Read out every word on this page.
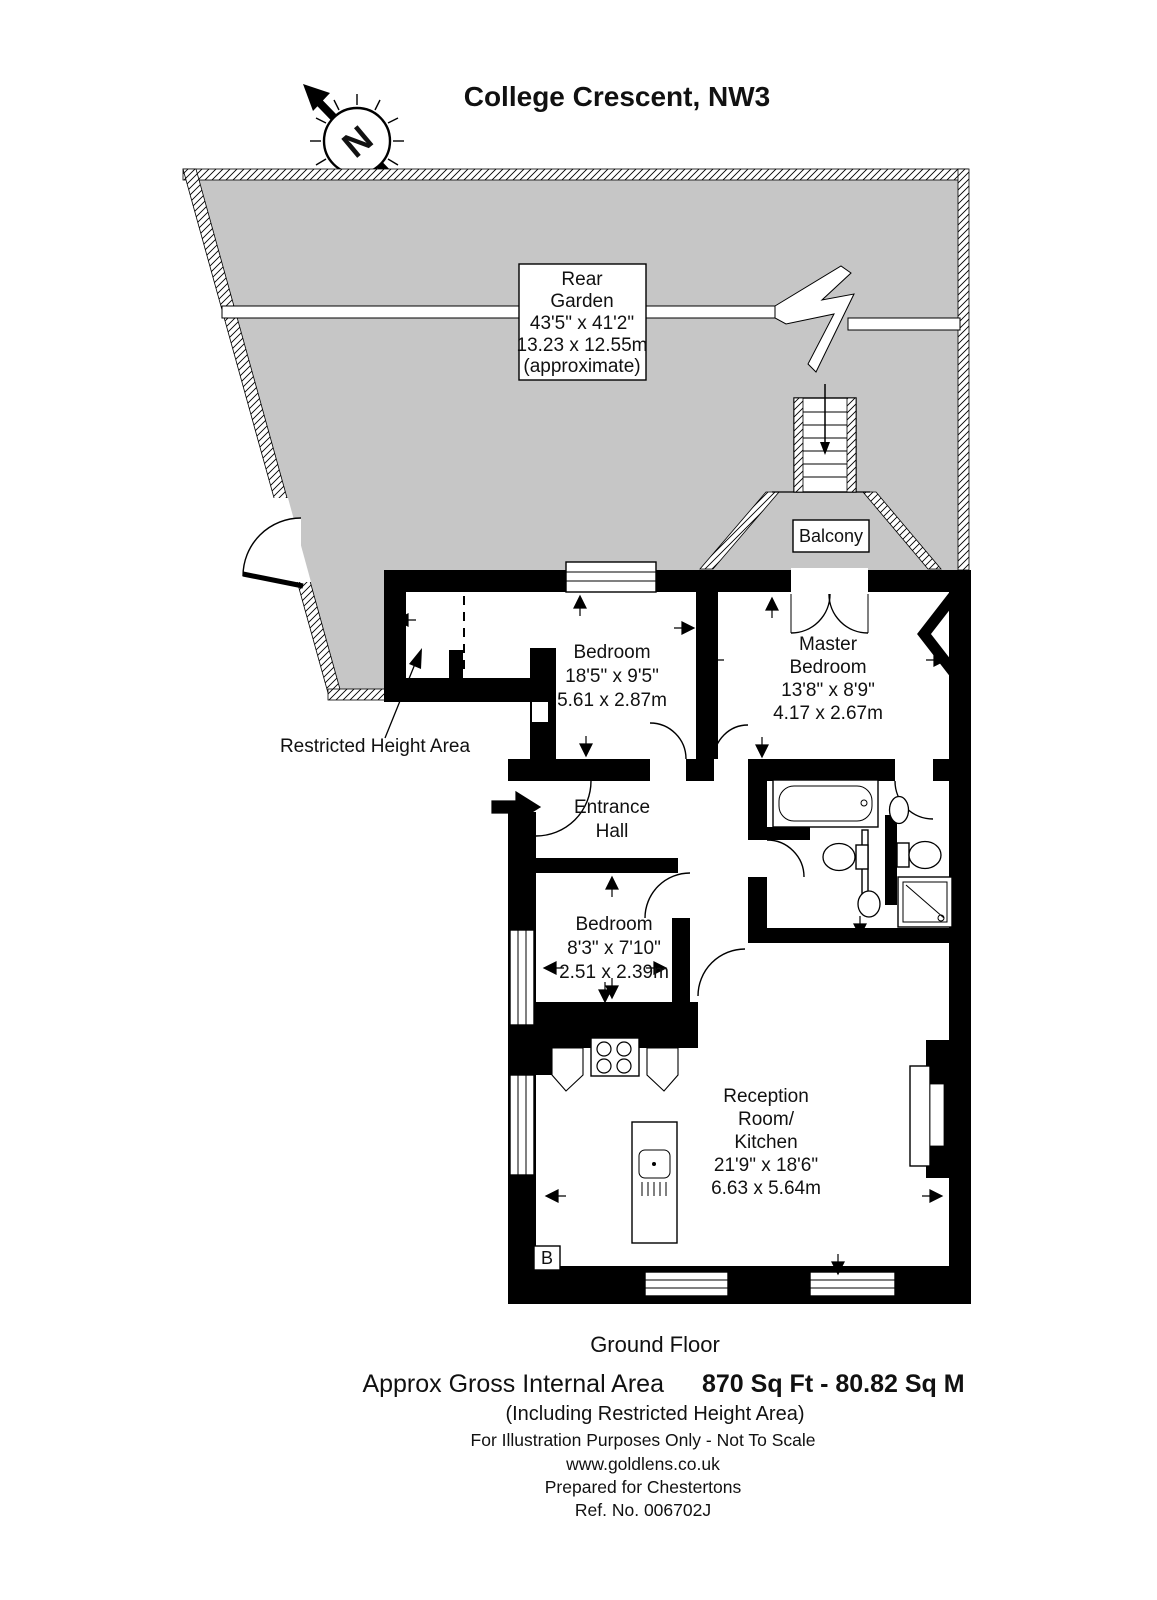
College Crescent, NW3
N
Rear
Garden
43'5" x 41'2"
13.23 x 12.55m
(approximate)
Balcony
B
Bedroom
18'5" x 9'5"
5.61 x 2.87m
Master
Bedroom
13'8" x 8'9"
4.17 x 2.67m
Entrance
Hall
Bedroom
8'3" x 7'10"
2.51 x 2.39m
Reception
Room/
Kitchen
21'9" x 18'6"
6.63 x 5.64m
Restricted Height Area
Ground Floor
Approx Gross Internal Area 870 Sq Ft - 80.82 Sq M
(Including Restricted Height Area)
For Illustration Purposes Only - Not To Scale
www.goldlens.co.uk
Prepared for Chestertons
Ref. No. 006702J
